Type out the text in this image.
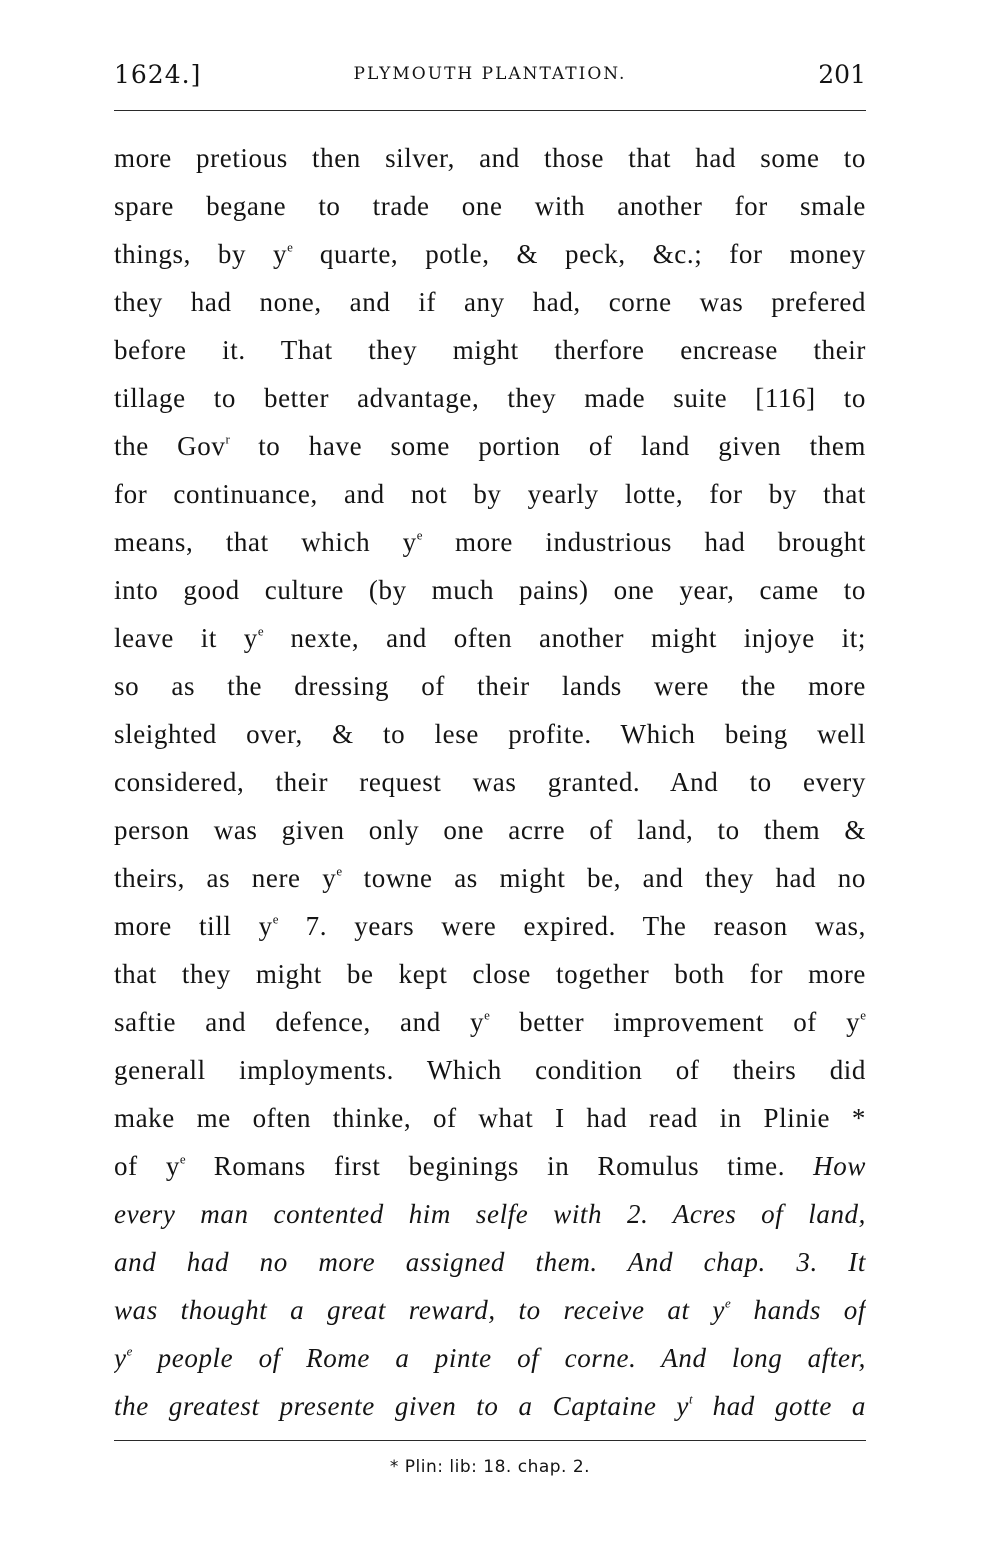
1624.]	PLYMOUTH PLANTATION.	201
more pretious then silver, and those that had some to
spare begane to trade one with another for smale
things, by $y^e$ quarte, potle, & peck, &c.; for money
they had none, and if any had, corne was prefered
before it. That they might therfore encrease their
tillage to better advantage, they made suite [116] to
the Gov$^r$ to have some portion of land given them
for continuance, and not by yearly lotte, for by that
means, that which $y^e$ more industrious had brought
into good culture (by much pains) one year, came to
leave it $y^e$ nexte, and often another might injoye it;
so as the dressing of their lands were the more
sleighted over, & to lese profite. Which being well
considered, their request was granted. And to every
person was given only one acrre of land, to them &
theirs, as nere $y^e$ towne as might be, and they had no
more till $y^e$ 7. years were expired. The reason was,
that they might be kept close together both for more
saftie and defence, and $y^e$ better improvement of $y^e$
generall imployments. Which condition of theirs did
make me often thinke, of what I had read in Plinie *
of $y^e$ Romans first beginings in Romulus time. How
every man contented him selfe with 2. Acres of land,
and had no more assigned them. And chap. 3. It
was thought a great reward, to receive at $y^e$ hands of
$y^e$ people of Rome a pinte of corne. And long after,
the greatest presente given to a Captaine $y^t$ had gotte a
* Plin: lib: 18. chap. 2.
